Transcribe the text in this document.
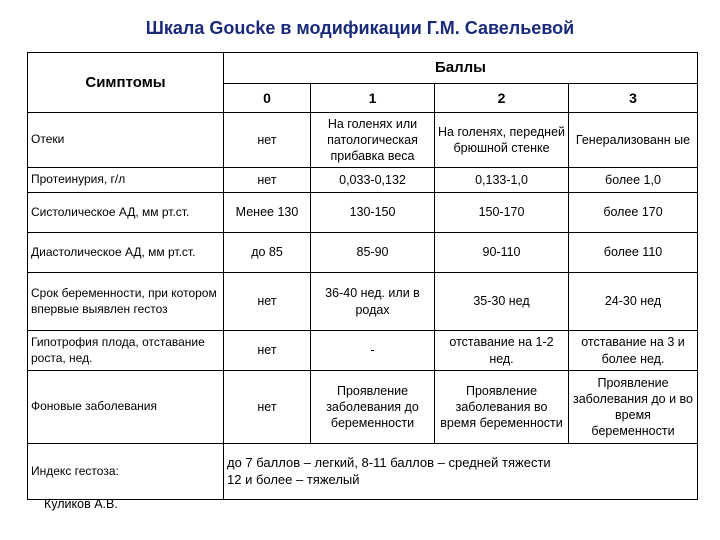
Шкала Goucke в модификации Г.М. Савельевой
Симптомы	Баллы			
	0	1	2	3
Отеки	нет	На голенях или патологическая прибавка веса	На голенях, передней брюшной стенке	Генерализованн ые
Протеинурия, г/л	нет	0,033-0,132	0,133-1,0	более 1,0
Систолическое АД, мм рт.ст.	Менее 130	130-150	150-170	более 170
Диастолическое АД, мм рт.ст.	до 85	85-90	90-110	более 110
Срок беременности, при котором впервые выявлен гестоз	нет	36-40 нед. или в родах	35-30 нед	24-30 нед
Гипотрофия плода, отставание роста, нед.	нет	-	отставание на 1-2 нед.	отставание на 3 и более нед.
Фоновые заболевания	нет	Проявление заболевания до беременности	Проявление заболевания во время беременности	Проявление заболевания до и во время беременности
Индекс гестоза:	до 7 баллов – легкий, 8-11 баллов – средней тяжести
12 и более – тяжелый			
Куликов А.В.
